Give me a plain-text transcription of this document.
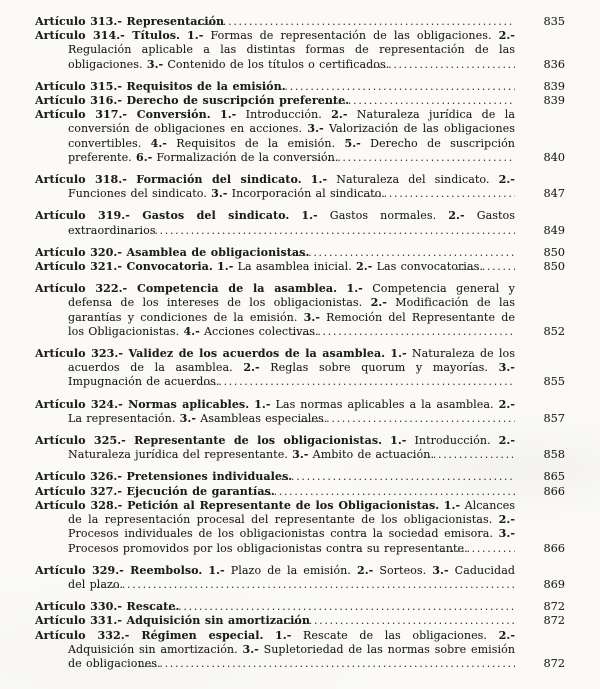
Artículo 313.- Representación	835
Artículo 314.- Títulos. 1.- Formas de representación de las obligaciones. 2.- Regulación aplicable a las distintas formas de representación de las obligaciones. 3.- Contenido de los títulos o certificados.	836
Artículo 315.- Requisitos de la emisión.	839
Artículo 316.- Derecho de suscripción preferente.	839
Artículo 317.- Conversión. 1.- Introducción. 2.- Naturaleza jurídica de la conversión de obligaciones en acciones. 3.- Valorización de las obligaciones convertibles. 4.- Requisitos de la emisión. 5.- Derecho de suscripción preferente. 6.- Formalización de la conversión.	840
Artículo 318.- Formación del sindicato. 1.- Naturaleza del sindicato. 2.- Funciones del sindicato. 3.- Incorporación al sindicato.	847
Artículo 319.- Gastos del sindicato. 1.- Gastos normales. 2.- Gastos extraordinarios	849
Artículo 320.- Asamblea de obligacionistas.	850
Artículo 321.- Convocatoria. 1.- La asamblea inicial. 2.- Las convocatorias.	850
Artículo 322.- Competencia de la asamblea. 1.- Competencia general y defensa de los intereses de los obligacionistas. 2.- Modificación de las garantías y condiciones de la emisión. 3.- Remoción del Representante de los Obligacionistas. 4.- Acciones colectivas.	852
Artículo 323.- Validez de los acuerdos de la asamblea. 1.- Naturaleza de los acuerdos de la asamblea. 2.- Reglas sobre quorum y mayorías. 3.- Impugnación de acuerdos.	855
Artículo 324.- Normas aplicables. 1.- Las normas aplicables a la asamblea. 2.- La representación. 3.- Asambleas especiales.	857
Artículo 325.- Representante de los obligacionistas. 1.- Introducción. 2.- Naturaleza jurídica del representante. 3.- Ambito de actuación.	858
Artículo 326.- Pretensiones individuales.	865
Artículo 327.- Ejecución de garantías.	866
Artículo 328.- Petición al Representante de los Obligacionistas. 1.- Alcances de la representación procesal del representante de los obligacionistas. 2.- Procesos individuales de los obligacionistas contra la sociedad emisora. 3.- Procesos promovidos por los obligacionistas contra su representante.	866
Artículo 329.- Reembolso. 1.- Plazo de la emisión. 2.- Sorteos. 3.- Caducidad del plazo.	869
Artículo 330.- Rescate.	872
Artículo 331.- Adquisición sin amortización	872
Artículo 332.- Régimen especial. 1.- Rescate de las obligaciones. 2.- Adquisición sin amortización. 3.- Supletoriedad de las normas sobre emisión de obligaciones.	872
